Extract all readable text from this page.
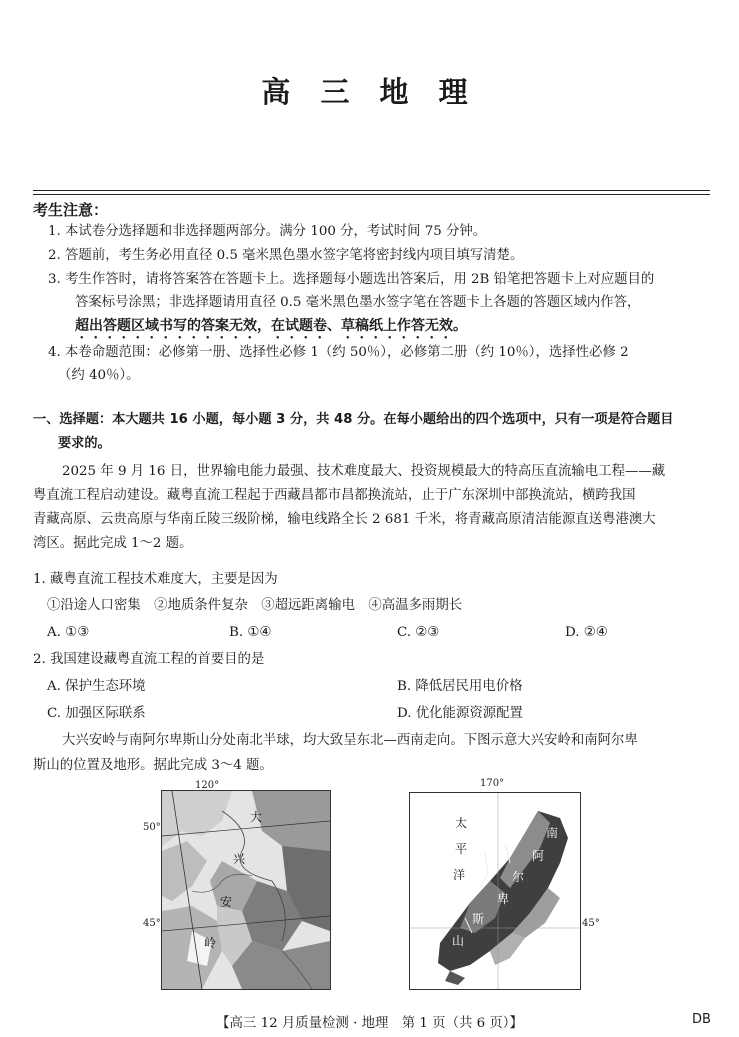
高 三 地 理
考生注意：
1. 本试卷分选择题和非选择题两部分。满分 100 分，考试时间 75 分钟。
2. 答题前，考生务必用直径 0.5 毫米黑色墨水签字笔将密封线内项目填写清楚。
3. 考生作答时，请将答案答在答题卡上。选择题每小题选出答案后，用 2B 铅笔把答题卡上对应题目的
答案标号涂黑；非选择题请用直径 0.5 毫米黑色墨水签字笔在答题卡上各题的答题区域内作答，
超出答题区域书写的答案无效，在试题卷、草稿纸上作答无效。
4. 本卷命题范围：必修第一册、选择性必修 1（约 50％），必修第二册（约 10％），选择性必修 2
（约 40％）。
一、选择题：本大题共 16 小题，每小题 3 分，共 48 分。在每小题给出的四个选项中，只有一项是符合题目
要求的。
2025 年 9 月 16 日，世界输电能力最强、技术难度最大、投资规模最大的特高压直流输电工程——藏
粤直流工程启动建设。藏粤直流工程起于西藏昌都市昌都换流站，止于广东深圳中部换流站，横跨我国
青藏高原、云贵高原与华南丘陵三级阶梯，输电线路全长 2 681 千米，将青藏高原清洁能源直送粤港澳大
湾区。据此完成 1～2 题。
1. 藏粤直流工程技术难度大，主要是因为
①沿途人口密集　②地质条件复杂　③超远距离输电　④高温多雨期长
A. ①③	B. ①④	C. ②③	D. ②④
2. 我国建设藏粤直流工程的首要目的是
A. 保护生态环境	B. 降低居民用电价格
C. 加强区际联系	D. 优化能源资源配置
大兴安岭与南阿尔卑斯山分处南北半球，均大致呈东北—西南走向。下图示意大兴安岭和南阿尔卑
斯山的位置及地形。据此完成 3～4 题。
120°
50°
45°
大
兴
安
岭
170°
45°
太
平
洋
南
阿
尔
卑
斯
山
【高三 12 月质量检测 · 地理　第 1 页（共 6 页）】	DB
